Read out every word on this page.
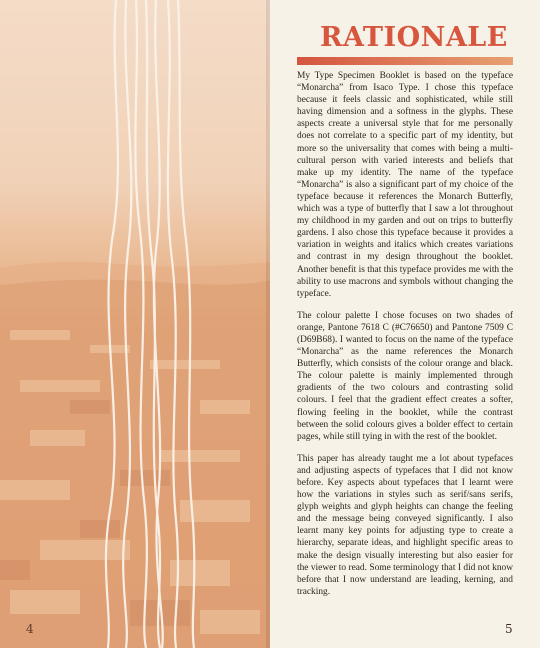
4
RATIONALE

My Type Specimen Booklet is based on the typeface “Monarcha” from Isaco Type. I chose this typeface because it feels classic and sophisticated, while still having dimension and a softness in the glyphs. These aspects create a universal style that for me personally does not correlate to a specific part of my identity, but more so the universality that comes with being a multi-cultural person with varied interests and beliefs that make up my identity. The name of the typeface “Monarcha” is also a significant part of my choice of the typeface because it references the Monarch Butterfly, which was a type of butterfly that I saw a lot throughout my childhood in my garden and out on trips to butterfly gardens. I also chose this typeface because it provides a variation in weights and italics which creates variations and contrast in my design throughout the booklet. Another benefit is that this typeface provides me with the ability to use macrons and symbols without changing the typeface.

The colour palette I chose focuses on two shades of orange, Pantone 7618 C (#C76650) and Pantone 7509 C (D69B68). I wanted to focus on the name of the typeface “Monarcha” as the name references the Monarch Butterfly, which consists of the colour orange and black. The colour palette is mainly implemented through gradients of the two colours and contrasting solid colours. I feel that the gradient effect creates a softer, flowing feeling in the booklet, while the contrast between the solid colours gives a bolder effect to certain pages, while still tying in with the rest of the booklet.

This paper has already taught me a lot about typefaces and adjusting aspects of typefaces that I did not know before. Key aspects about typefaces that I learnt were how the variations in styles such as serif/sans serifs, glyph weights and glyph heights can change the feeling and the message being conveyed significantly. I also learnt many key points for adjusting type to create a hierarchy, separate ideas, and highlight specific areas to make the design visually interesting but also easier for the viewer to read. Some terminology that I did not know before that I now understand are leading, kerning, and tracking.

5
